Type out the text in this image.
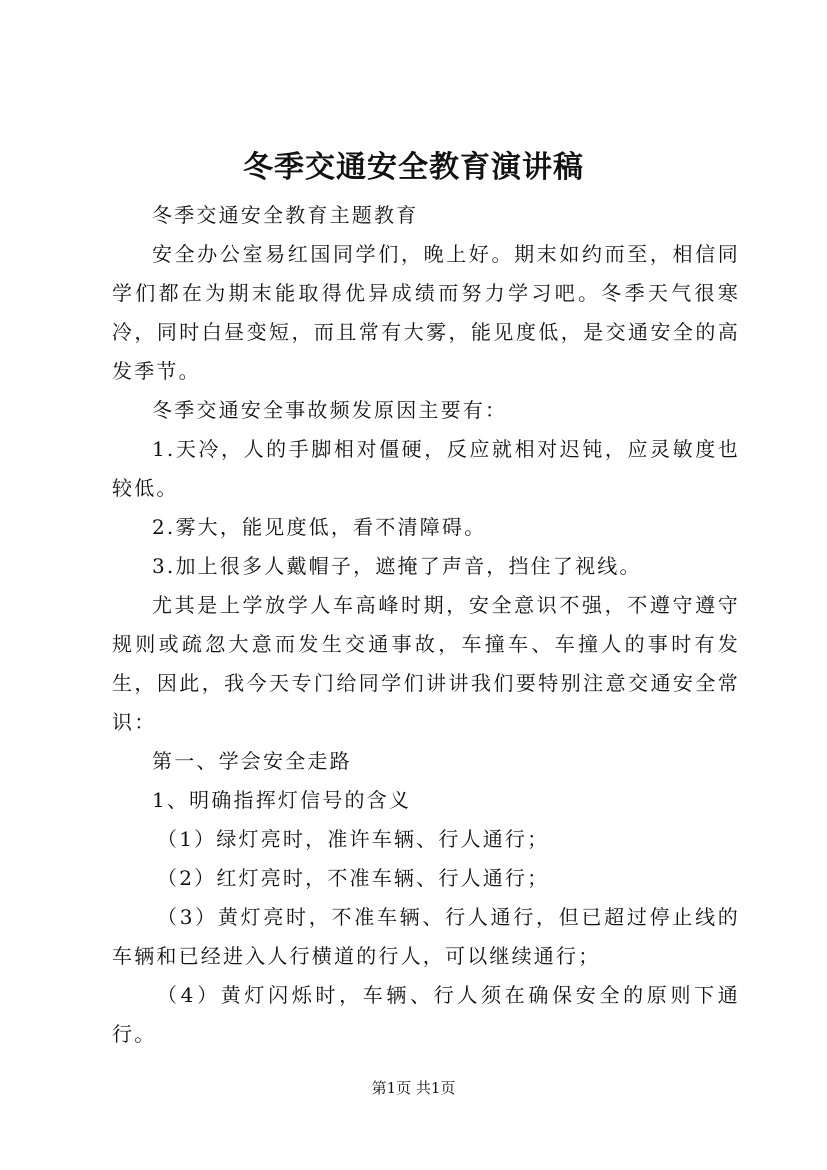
冬季交通安全教育演讲稿

冬季交通安全教育主题教育

安全办公室易红国同学们，晚上好。期末如约而至，相信同学们都在为期末能取得优异成绩而努力学习吧。冬季天气很寒冷，同时白昼变短，而且常有大雾，能见度低，是交通安全的高发季节。

冬季交通安全事故频发原因主要有：

1.天冷，人的手脚相对僵硬，反应就相对迟钝，应灵敏度也较低。

2.雾大，能见度低，看不清障碍。

3.加上很多人戴帽子，遮掩了声音，挡住了视线。

尤其是上学放学人车高峰时期，安全意识不强，不遵守遵守规则或疏忽大意而发生交通事故，车撞车、车撞人的事时有发生，因此，我今天专门给同学们讲讲我们要特别注意交通安全常识：

第一、学会安全走路

1、明确指挥灯信号的含义

（1）绿灯亮时，准许车辆、行人通行；

（2）红灯亮时，不准车辆、行人通行；

（3）黄灯亮时，不准车辆、行人通行，但已超过停止线的车辆和已经进入人行横道的行人，可以继续通行；

（4）黄灯闪烁时，车辆、行人须在确保安全的原则下通行。

第1页 共1页
